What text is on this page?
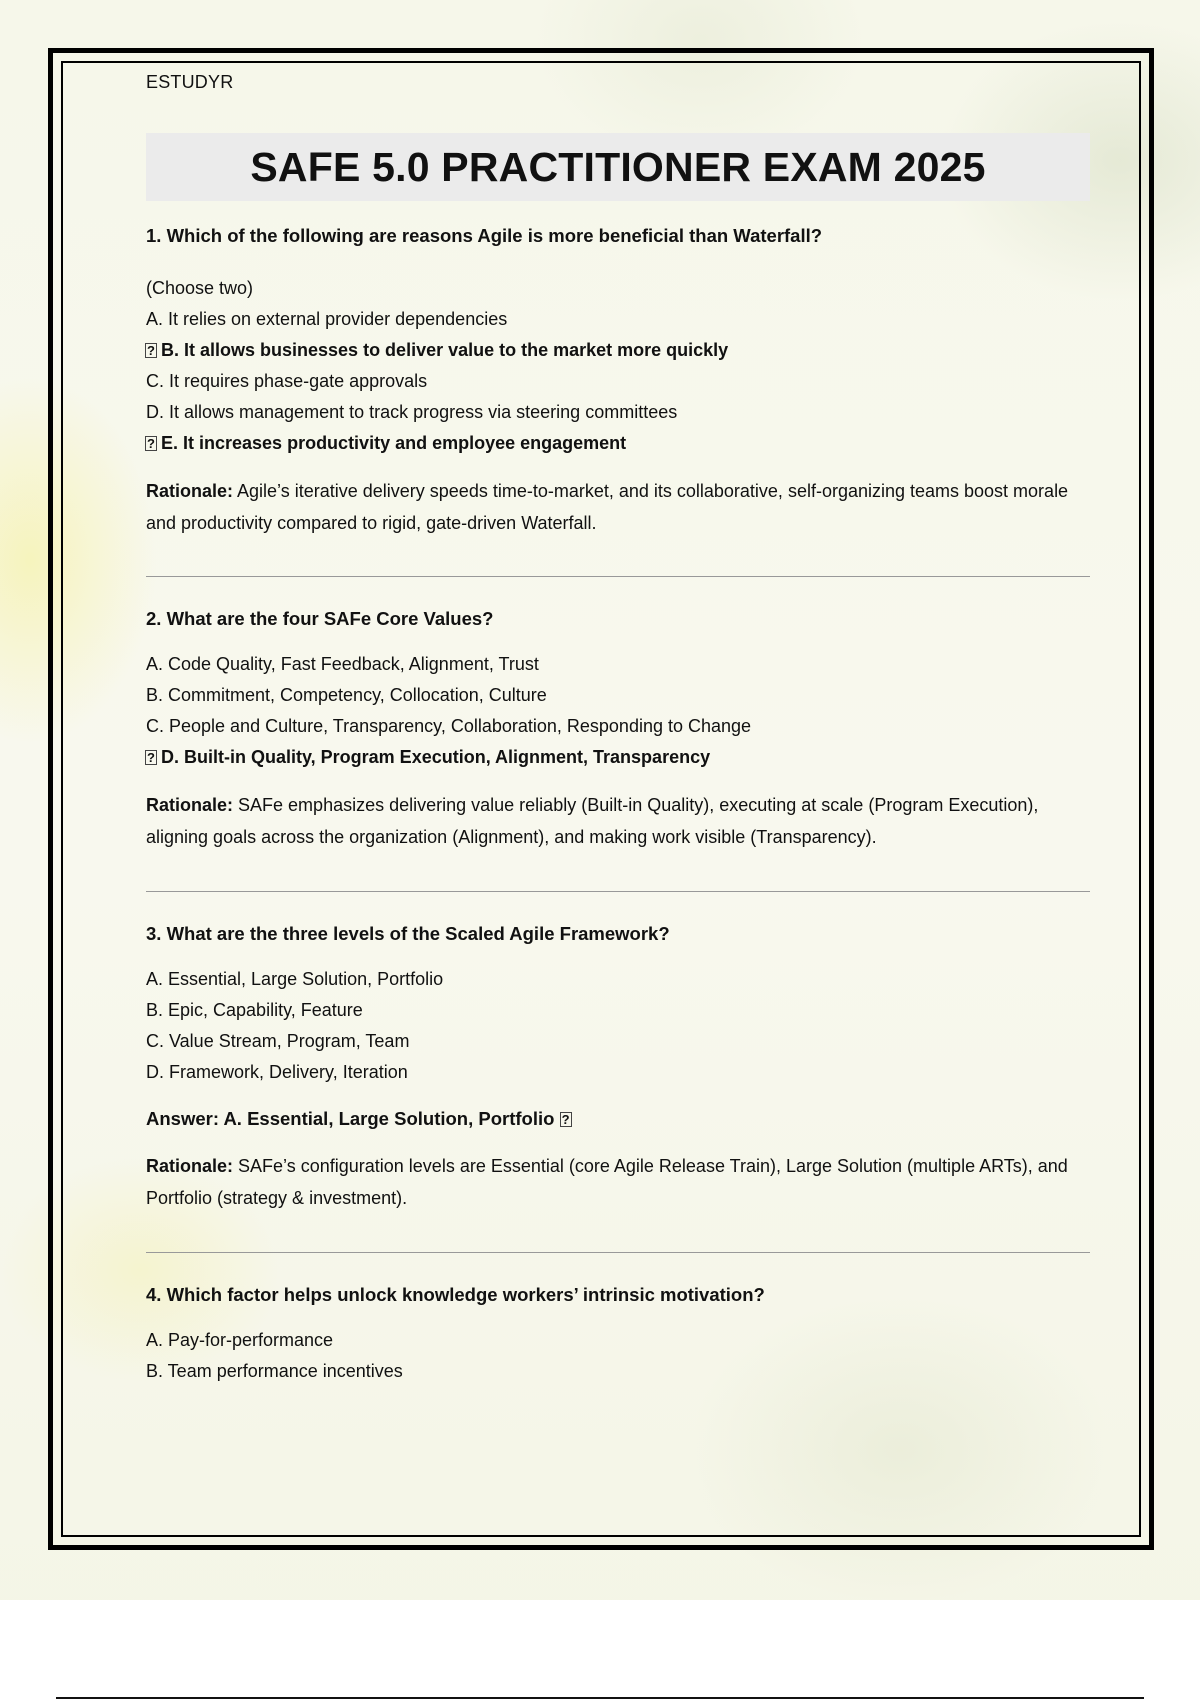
ESTUDYR

SAFE 5.0 PRACTITIONER EXAM 2025

1. Which of the following are reasons Agile is more beneficial than Waterfall?

(Choose two)

A. It relies on external provider dependencies
? B. It allows businesses to deliver value to the market more quickly
C. It requires phase-gate approvals
D. It allows management to track progress via steering committees
? E. It increases productivity and employee engagement

Rationale: Agile’s iterative delivery speeds time-to-market, and its collaborative, self-organizing teams boost morale and productivity compared to rigid, gate-driven Waterfall.

2. What are the four SAFe Core Values?

A. Code Quality, Fast Feedback, Alignment, Trust
B. Commitment, Competency, Collocation, Culture
C. People and Culture, Transparency, Collaboration, Responding to Change
? D. Built-in Quality, Program Execution, Alignment, Transparency

Rationale: SAFe emphasizes delivering value reliably (Built-in Quality), executing at scale (Program Execution), aligning goals across the organization (Alignment), and making work visible (Transparency).

3. What are the three levels of the Scaled Agile Framework?

A. Essential, Large Solution, Portfolio
B. Epic, Capability, Feature
C. Value Stream, Program, Team
D. Framework, Delivery, Iteration

Answer: A. Essential, Large Solution, Portfolio ?

Rationale: SAFe’s configuration levels are Essential (core Agile Release Train), Large Solution (multiple ARTs), and Portfolio (strategy & investment).

4. Which factor helps unlock knowledge workers’ intrinsic motivation?

A. Pay-for-performance
B. Team performance incentives
